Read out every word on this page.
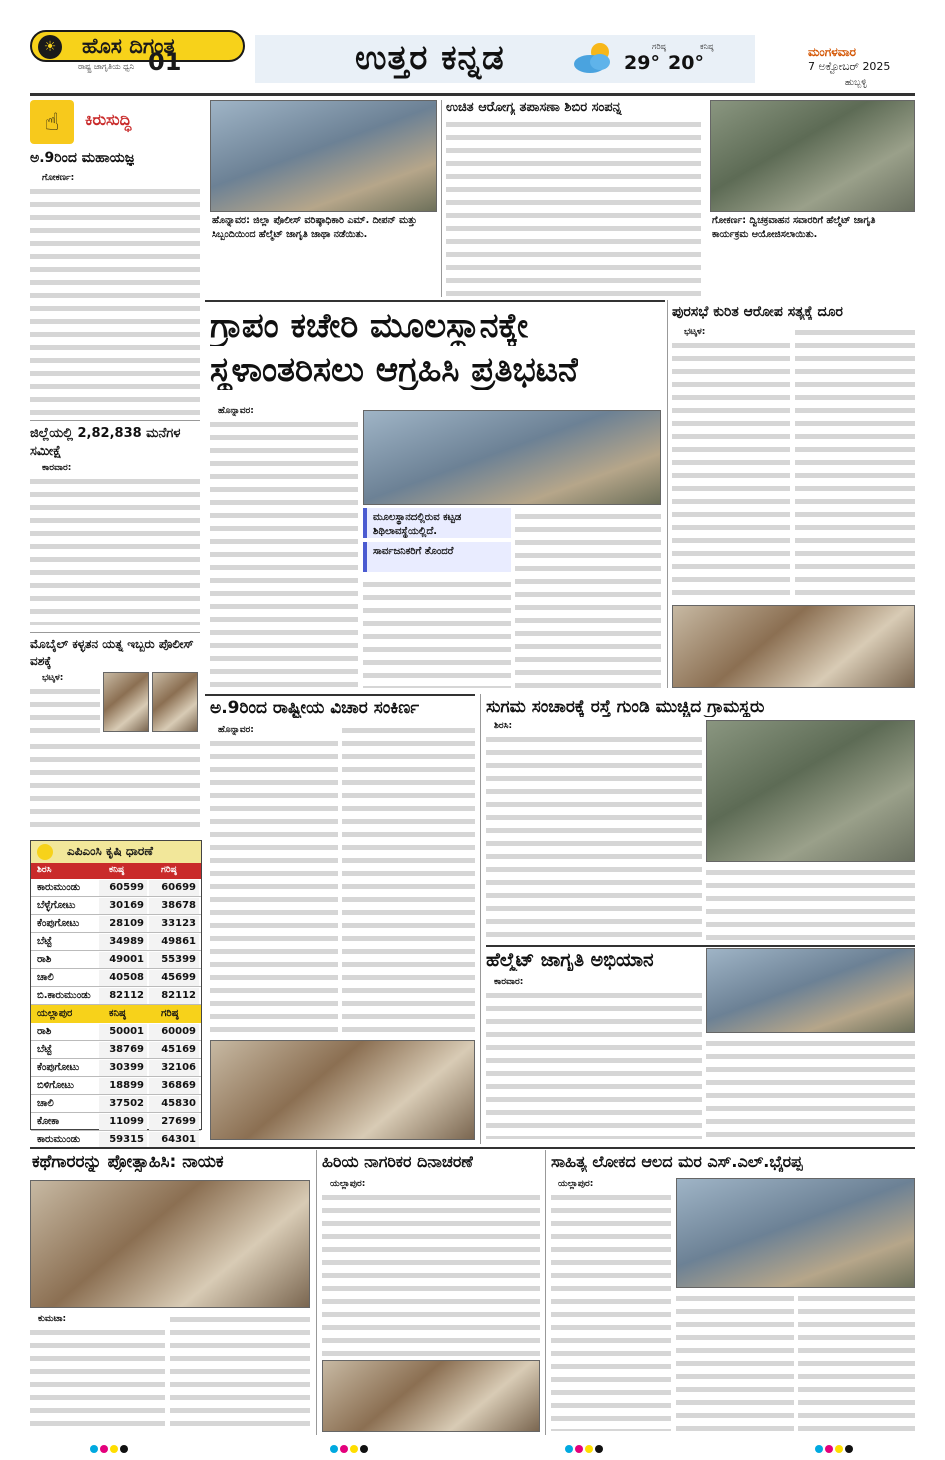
☀ ಹೊಸ ದಿಗಂತ
ರಾಷ್ಟ್ರ ಜಾಗೃತಿಯ ಧ್ವನಿ 01	ಉತ್ತರ ಕನ್ನಡ	ಗರಿಷ್ಠ
29°
ಕನಿಷ್ಠ
20°	ಮಂಗಳವಾರ
7 ಅಕ್ಟೋಬರ್ 2025
ಹುಬ್ಬಳ್ಳಿ
☝	ಕಿರುಸುದ್ಧಿ
ಅ.9ರಿಂದ ಮಹಾಯಜ್ಞ
ಗೋಕರ್ಣ:
ಜಿಲ್ಲೆಯಲ್ಲಿ 2,82,838 ಮನೆಗಳ ಸಮೀಕ್ಷೆ
ಕಾರವಾರ:
ಮೊಬೈಲ್ ಕಳ್ಳತನ ಯತ್ನ ಇಬ್ಬರು ಪೊಲೀಸ್ ವಶಕ್ಕೆ
ಭಟ್ಕಳ:
ಎಪಿಎಂಸಿ ಕೃಷಿ ಧಾರಣೆ
ಶಿರಸಿ	ಕನಿಷ್ಠ	ಗರಿಷ್ಠ
ಕಾರುಮುಂಡು	60599	60699
ಬೆಳ್ಳೆಗೋಟು	30169	38678
ಕೆಂಪುಗೋಟು	28109	33123
ಬೆಟ್ಟೆ	34989	49861
ರಾಶಿ	49001	55399
ಚಾಲಿ	40508	45699
ಬಿ.ಕಾರುಮುಂಡು	82112	82112
ಯಲ್ಲಾಪುರ	ಕನಿಷ್ಠ	ಗರಿಷ್ಠ
ರಾಶಿ	50001	60009
ಬೆಟ್ಟೆ	38769	45169
ಕೆಂಪುಗೋಟು	30399	32106
ಬಿಳಿಗೋಟು	18899	36869
ಚಾಲಿ	37502	45830
ಕೋಕಾ	11099	27699
ಕಾರುಮುಂಡು	59315	64301
ಹೊನ್ನಾವರ: ಜಿಲ್ಲಾ ಪೊಲೀಸ್ ವರಿಷ್ಠಾಧಿಕಾರಿ ಎಮ್. ದೀಪನ್ ಮತ್ತು ಸಿಬ್ಬಂದಿಯಿಂದ ಹೆಲ್ಮೆಟ್ ಜಾಗೃತಿ ಜಾಥಾ ನಡೆಯಿತು.
ಉಚಿತ ಆರೋಗ್ಯ ತಪಾಸಣಾ ಶಿಬಿರ ಸಂಪನ್ನ
ಗೋಕರ್ಣ: ದ್ವಿಚಕ್ರವಾಹನ ಸವಾರರಿಗೆ ಹೆಲ್ಮೆಟ್ ಜಾಗೃತಿ ಕಾರ್ಯಕ್ರಮ ಆಯೋಜಿಸಲಾಯಿತು.
ಗ್ರಾಪಂ ಕಚೇರಿ ಮೂಲಸ್ಥಾನಕ್ಕೇ
ಸ್ಥಳಾಂತರಿಸಲು ಆಗ್ರಹಿಸಿ ಪ್ರತಿಭಟನೆ
ಹೊನ್ನಾವರ:
ಮೂಲಸ್ಥಾನದಲ್ಲಿರುವ ಕಟ್ಟಡ ಶಿಥಿಲಾವಸ್ಥೆಯಲ್ಲಿದೆ.
ಸಾರ್ವಜನಿಕರಿಗೆ ತೊಂದರೆ
ಪುರಸಭೆ ಕುರಿತ ಆರೋಪ ಸತ್ಯಕ್ಕೆ ದೂರ
ಭಟ್ಕಳ:
ಅ.9ರಿಂದ ರಾಷ್ಟ್ರೀಯ ವಿಚಾರ ಸಂಕಿರ್ಣ
ಹೊನ್ನಾವರ:
ಸುಗಮ ಸಂಚಾರಕ್ಕೆ ರಸ್ತೆ ಗುಂಡಿ ಮುಚ್ಚಿದ ಗ್ರಾಮಸ್ಥರು
ಶಿರಸಿ:
ಹೆಲ್ಮೆಟ್ ಜಾಗೃತಿ ಅಭಿಯಾನ
ಕಾರವಾರ:
ಕಥೆಗಾರರನ್ನು ಪ್ರೋತ್ಸಾಹಿಸಿ: ನಾಯಕ
ಕುಮಟಾ:
ಹಿರಿಯ ನಾಗರಿಕರ ದಿನಾಚರಣೆ
ಯಲ್ಲಾಪುರ:
ಸಾಹಿತ್ಯ ಲೋಕದ ಆಲದ ಮರ ಎಸ್.ಎಲ್.ಭೈರಪ್ಪ
ಯಲ್ಲಾಪುರ:
